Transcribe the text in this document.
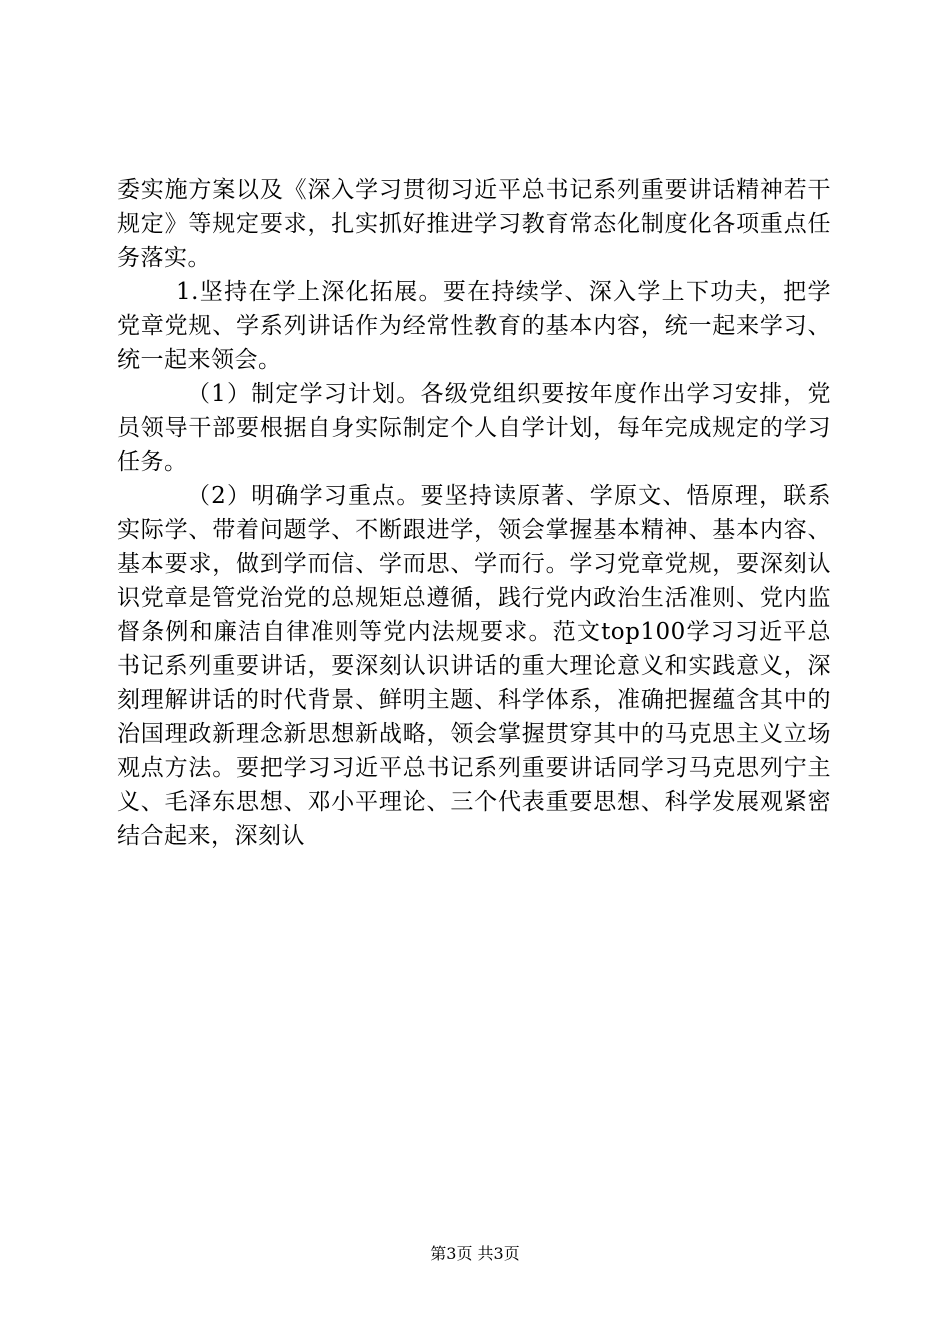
委实施方案以及《深入学习贯彻习近平总书记系列重要讲话精神若干规定》等规定要求，扎实抓好推进学习教育常态化制度化各项重点任务落实。

1.坚持在学上深化拓展。要在持续学、深入学上下功夫，把学党章党规、学系列讲话作为经常性教育的基本内容，统一起来学习、统一起来领会。

（1）制定学习计划。各级党组织要按年度作出学习安排，党员领导干部要根据自身实际制定个人自学计划，每年完成规定的学习任务。

（2）明确学习重点。要坚持读原著、学原文、悟原理，联系实际学、带着问题学、不断跟进学，领会掌握基本精神、基本内容、基本要求，做到学而信、学而思、学而行。学习党章党规，要深刻认识党章是管党治党的总规矩总遵循，践行党内政治生活准则、党内监督条例和廉洁自律准则等党内法规要求。范文top100学习习近平总书记系列重要讲话，要深刻认识讲话的重大理论意义和实践意义，深刻理解讲话的时代背景、鲜明主题、科学体系，准确把握蕴含其中的治国理政新理念新思想新战略，领会掌握贯穿其中的马克思主义立场观点方法。要把学习习近平总书记系列重要讲话同学习马克思列宁主义、毛泽东思想、邓小平理论、三个代表重要思想、科学发展观紧密结合起来，深刻认

第3页 共3页
